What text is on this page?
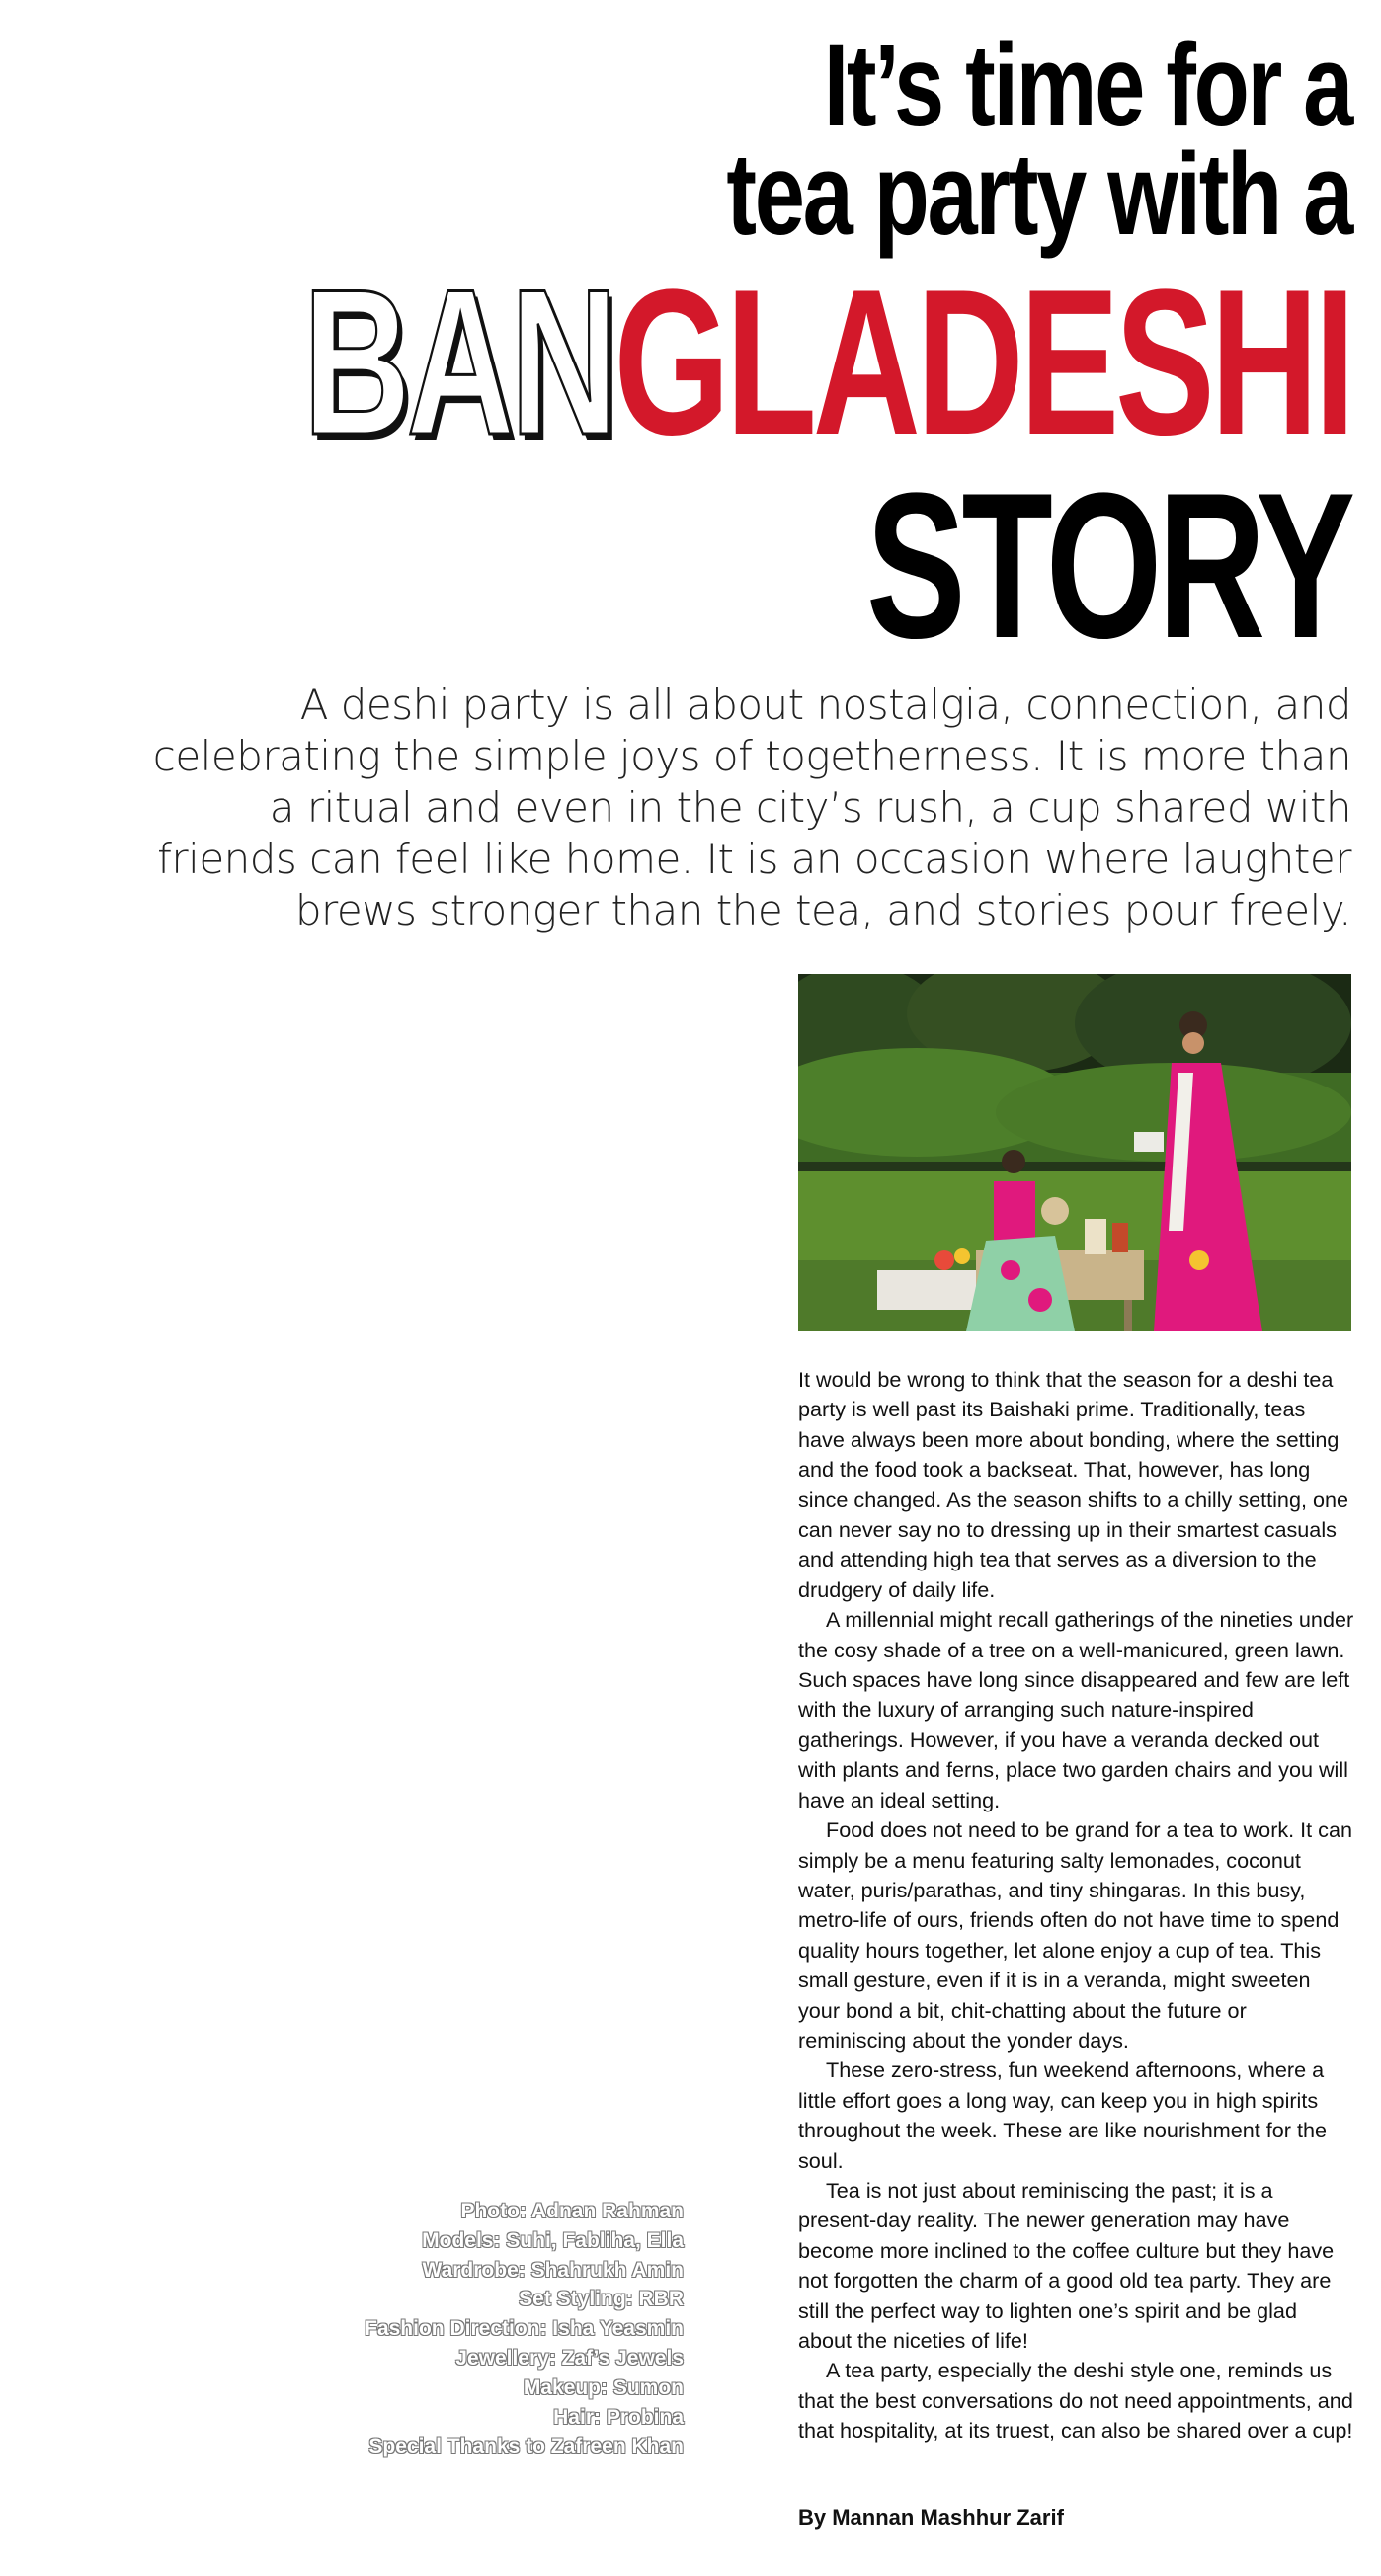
It’s time for a
tea party with a
BANGLADESHI
STORY
A deshi party is all about nostalgia, connection, and celebrating the simple joys of togetherness. It is more than a ritual and even in the city’s rush, a cup shared with friends can feel like home. It is an occasion where laughter brews stronger than the tea, and stories pour freely.

It would be wrong to think that the season for a deshi tea party is well past its Baishaki prime. Traditionally, teas have always been more about bonding, where the setting and the food took a backseat. That, however, has long since changed. As the season shifts to a chilly setting, one can never say no to dressing up in their smartest casuals and attending high tea that serves as a diversion to the drudgery of daily life.

A millennial might recall gatherings of the nineties under the cosy shade of a tree on a well-manicured, green lawn. Such spaces have long since disappeared and few are left with the luxury of arranging such nature-inspired gatherings. However, if you have a veranda decked out with plants and ferns, place two garden chairs and you will have an ideal setting.

Food does not need to be grand for a tea to work. It can simply be a menu featuring salty lemonades, coconut water, puris/parathas, and tiny shingaras. In this busy, metro-life of ours, friends often do not have time to spend quality hours together, let alone enjoy a cup of tea. This small gesture, even if it is in a veranda, might sweeten your bond a bit, chit-chatting about the future or reminiscing about the yonder days.

These zero-stress, fun weekend afternoons, where a little effort goes a long way, can keep you in high spirits throughout the week. These are like nourishment for the soul.

Tea is not just about reminiscing the past; it is a present-day reality. The newer generation may have become more inclined to the coffee culture but they have not forgotten the charm of a good old tea party. They are still the perfect way to lighten one’s spirit and be glad about the niceties of life!

A tea party, especially the deshi style one, reminds us that the best conversations do not need appointments, and that hospitality, at its truest, can also be shared over a cup!

By Mannan Mashhur Zarif
Photo: Adnan Rahman
Models: Suhi, Fabliha, Ella
Wardrobe: Shahrukh Amin
Set Styling: RBR
Fashion Direction: Isha Yeasmin
Jewellery: Zaf’s Jewels
Makeup: Sumon
Hair: Probina
Special Thanks to Zafreen Khan
